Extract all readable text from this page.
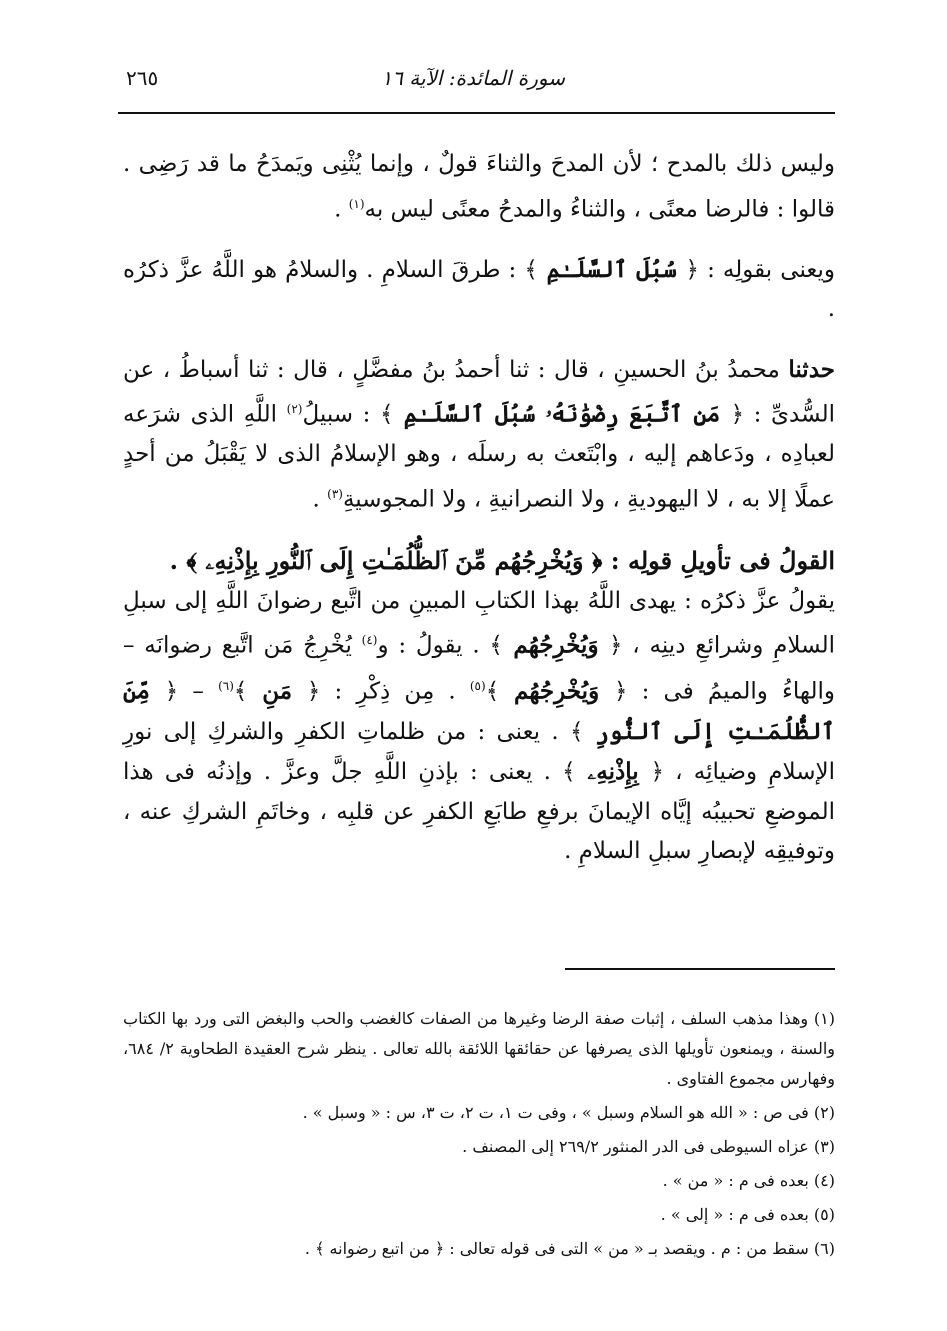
سورة المائدة: الآية ١٦
٢٦٥

وليس ذلك بالمدح ؛ لأن المدحَ والثناءَ قولٌ ، وإنما يُثْنِى ويَمدَحُ ما قد رَضِى . قالوا : فالرضا معنًى ، والثناءُ والمدحُ معنًى ليس به$^{(١)}$ .

ويعنى بقولِه : ﴿ سُبُلَ ٱلسَّلَـٰمِ ﴾ : طرقَ السلامِ . والسلامُ هو اللَّهُ عزَّ ذكرُه .

حدثنا محمدُ بنُ الحسينِ ، قال : ثنا أحمدُ بنُ مفضَّلٍ ، قال : ثنا أسباطُ ، عن السُّدىِّ : ﴿ مَنِ ٱتَّبَعَ رِضْوَٰنَهُۥ سُبُلَ ٱلسَّلَـٰمِ ﴾ : سبيلُ$^{(٢)}$ اللَّهِ الذى شرَعه لعبادِه ، ودَعاهم إليه ، وابْتَعث به رسلَه ، وهو الإسلامُ الذى لا يَقْبَلُ من أحدٍ عملًا إلا به ، لا اليهوديةِ ، ولا النصرانيةِ ، ولا المجوسيةِ$^{(٣)}$ .

القولُ فى تأويلِ قولِه : ﴿ وَيُخْرِجُهُم مِّنَ ٱلظُّلُمَـٰتِ إِلَى ٱلنُّورِ بِإِذْنِهِۦ ﴾ .

يقولُ عزَّ ذكرُه : يهدى اللَّهُ بهذا الكتابِ المبينِ من اتَّبع رضوانَ اللَّهِ إلى سبلِ السلامِ وشرائعِ دينِه ، ﴿ وَيُخْرِجُهُم ﴾ . يقولُ : و$^{(٤)}$ يُخْرِجُ مَن اتَّبع رضوانَه – والهاءُ والميمُ فى : ﴿ وَيُخْرِجُهُم ﴾$^{(٥)}$ . مِن ذِكْرِ : ﴿ مَنِ ﴾$^{(٦)}$ – ﴿ مِّنَ ٱلظُّلُمَـٰتِ إِلَى ٱلنُّورِ ﴾ . يعنى : من ظلماتِ الكفرِ والشركِ إلى نورِ الإسلامِ وضيائِه ، ﴿ بِإِذْنِهِۦ ﴾ . يعنى : بإذنِ اللَّهِ جلَّ وعزَّ . وإذنُه فى هذا الموضعِ تحبيبُه إيَّاه الإيمانَ برفعِ طابَعِ الكفرِ عن قلبِه ، وخاتَمِ الشركِ عنه ، وتوفيقِه لإبصارِ سبلِ السلامِ .

(١) وهذا مذهب السلف ، إثبات صفة الرضا وغيرها من الصفات كالغضب والحب والبغض التى ورد بها الكتاب والسنة ، ويمنعون تأويلها الذى يصرفها عن حقائقها اللائقة بالله تعالى . ينظر شرح العقيدة الطحاوية ٢/ ٦٨٤، وفهارس مجموع الفتاوى .

(٢) فى ص : « الله هو السلام وسبل » ، وفى ت ١، ت ٢، ت ٣، س : « وسبل » .

(٣) عزاه السيوطى فى الدر المنثور ٢٦٩/٢ إلى المصنف .

(٤) بعده فى م : « من » .

(٥) بعده فى م : « إلى » .

(٦) سقط من : م . ويقصد بـ « من » التى فى قوله تعالى : ﴿ من اتبع رضوانه ﴾ .
